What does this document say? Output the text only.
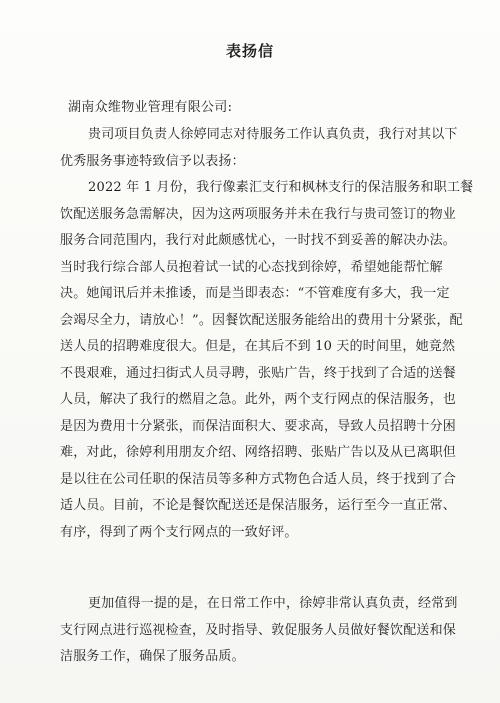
表扬信
湖南众维物业管理有限公司:
贵司项目负责人徐婷同志对待服务工作认真负责，我行对其以下
优秀服务事迹特致信予以表扬：
2022 年 1 月份，我行像素汇支行和枫林支行的保洁服务和职工餐
饮配送服务急需解决，因为这两项服务并未在我行与贵司签订的物业
服务合同范围内，我行对此颇感忧心，一时找不到妥善的解决办法。
当时我行综合部人员抱着试一试的心态找到徐婷，希望她能帮忙解
决。她闻讯后并未推诿，而是当即表态：“不管难度有多大，我一定
会竭尽全力，请放心！”。因餐饮配送服务能给出的费用十分紧张，配
送人员的招聘难度很大。但是，在其后不到 10 天的时间里，她竟然
不畏艰难，通过扫街式人员寻聘，张贴广告，终于找到了合适的送餐
人员，解决了我行的燃眉之急。此外，两个支行网点的保洁服务，也
是因为费用十分紧张，而保洁面积大、要求高，导致人员招聘十分困
难，对此，徐婷利用朋友介绍、网络招聘、张贴广告以及从已离职但
是以往在公司任职的保洁员等多种方式物色合适人员，终于找到了合
适人员。目前，不论是餐饮配送还是保洁服务，运行至今一直正常、
有序，得到了两个支行网点的一致好评。
更加值得一提的是，在日常工作中，徐婷非常认真负责，经常到
支行网点进行巡视检查，及时指导、敦促服务人员做好餐饮配送和保
洁服务工作，确保了服务品质。
